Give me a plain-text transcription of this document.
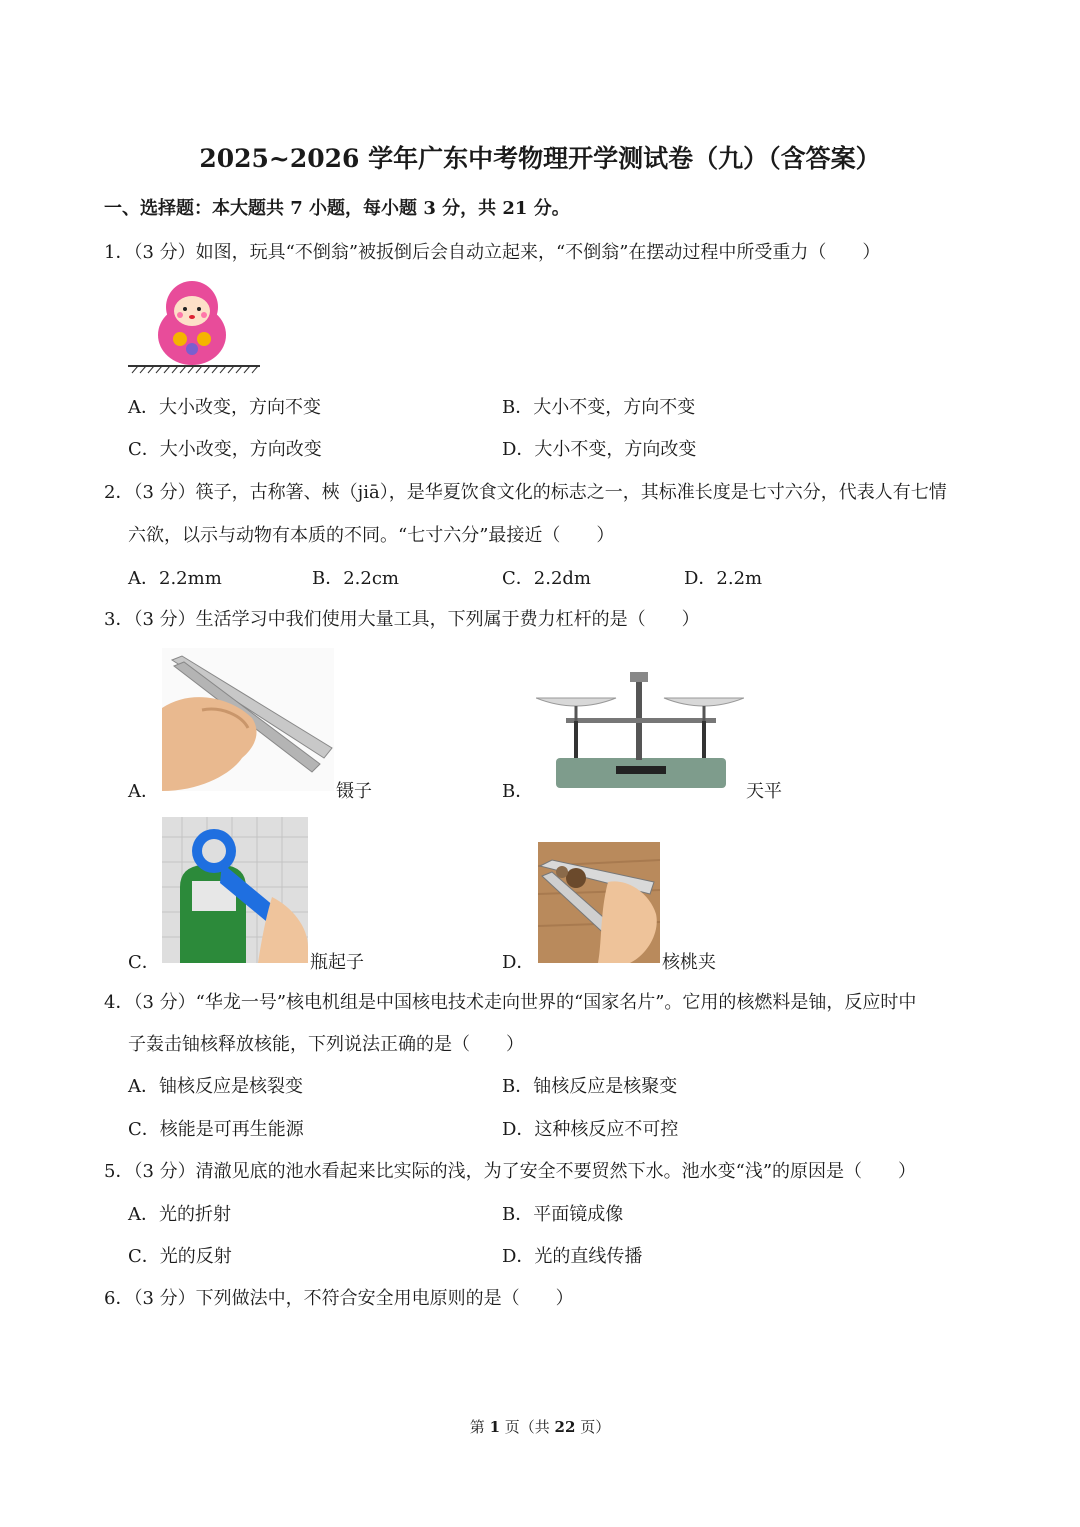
2025~2026 学年广东中考物理开学测试卷（九）（含答案）
一、选择题：本大题共 7 小题，每小题 3 分，共 21 分。
1．（3 分）如图，玩具“不倒翁”被扳倒后会自动立起来，“不倒翁”在摆动过程中所受重力（　　）
A．大小改变，方向不变	B．大小不变，方向不变
C．大小改变，方向改变	D．大小不变，方向改变
2．（3 分）筷子，古称箸、梜（jiā），是华夏饮食文化的标志之一，其标准长度是七寸六分，代表人有七情
六欲，以示与动物有本质的不同。“七寸六分”最接近（　　）
A．2.2mm	B．2.2cm	C．2.2dm	D．2.2m
3．（3 分）生活学习中我们使用大量工具，下列属于费力杠杆的是（　　）
A．	镊子	B．	天平
C．	瓶起子	D．	核桃夹
4．（3 分）“华龙一号”核电机组是中国核电技术走向世界的“国家名片”。它用的核燃料是铀，反应时中
子轰击铀核释放核能，下列说法正确的是（　　）
A．铀核反应是核裂变	B．铀核反应是核聚变
C．核能是可再生能源	D．这种核反应不可控
5．（3 分）清澈见底的池水看起来比实际的浅，为了安全不要贸然下水。池水变“浅”的原因是（　　）
A．光的折射	B．平面镜成像
C．光的反射	D．光的直线传播
6．（3 分）下列做法中，不符合安全用电原则的是（　　）
第 1 页（共 22 页）
